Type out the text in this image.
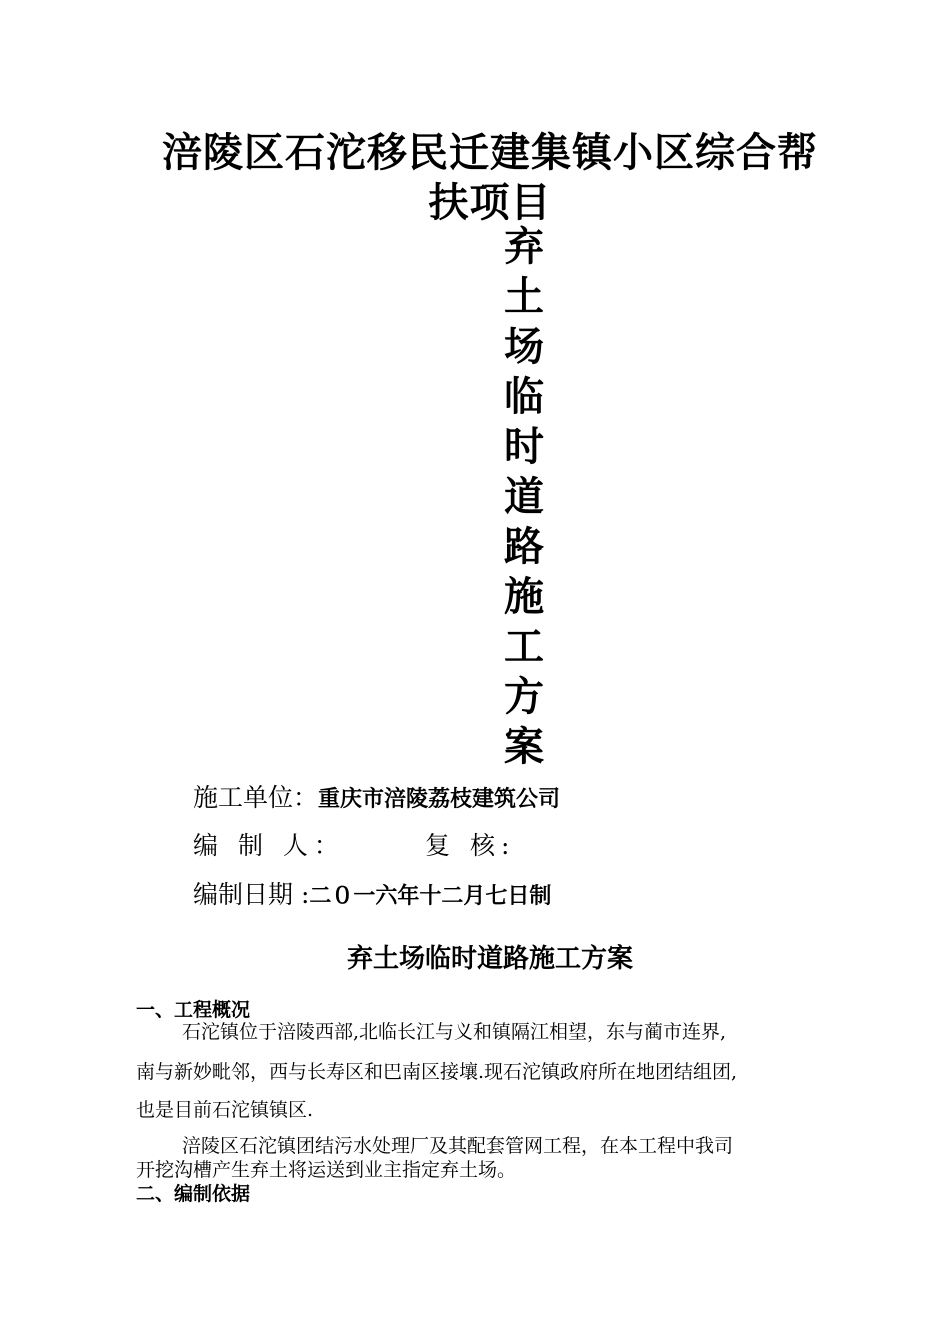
涪陵区石沱移民迁建集镇小区综合帮
扶项目
弃
土
场
临
时
道
路
施
工
方
案
施工单位：重庆市涪陵荔枝建筑公司
编 制 人：	复 核:
编制日期 :二０一六年十二月七日制
弃土场临时道路施工方案
一、工程概况
石沱镇位于涪陵西部,北临长江与义和镇隔江相望，东与蔺市连界,
南与新妙毗邻，西与长寿区和巴南区接壤.现石沱镇政府所在地团结组团,
也是目前石沱镇镇区.
涪陵区石沱镇团结污水处理厂及其配套管网工程，在本工程中我司
开挖沟槽产生弃土将运送到业主指定弃土场。
二、编制依据
